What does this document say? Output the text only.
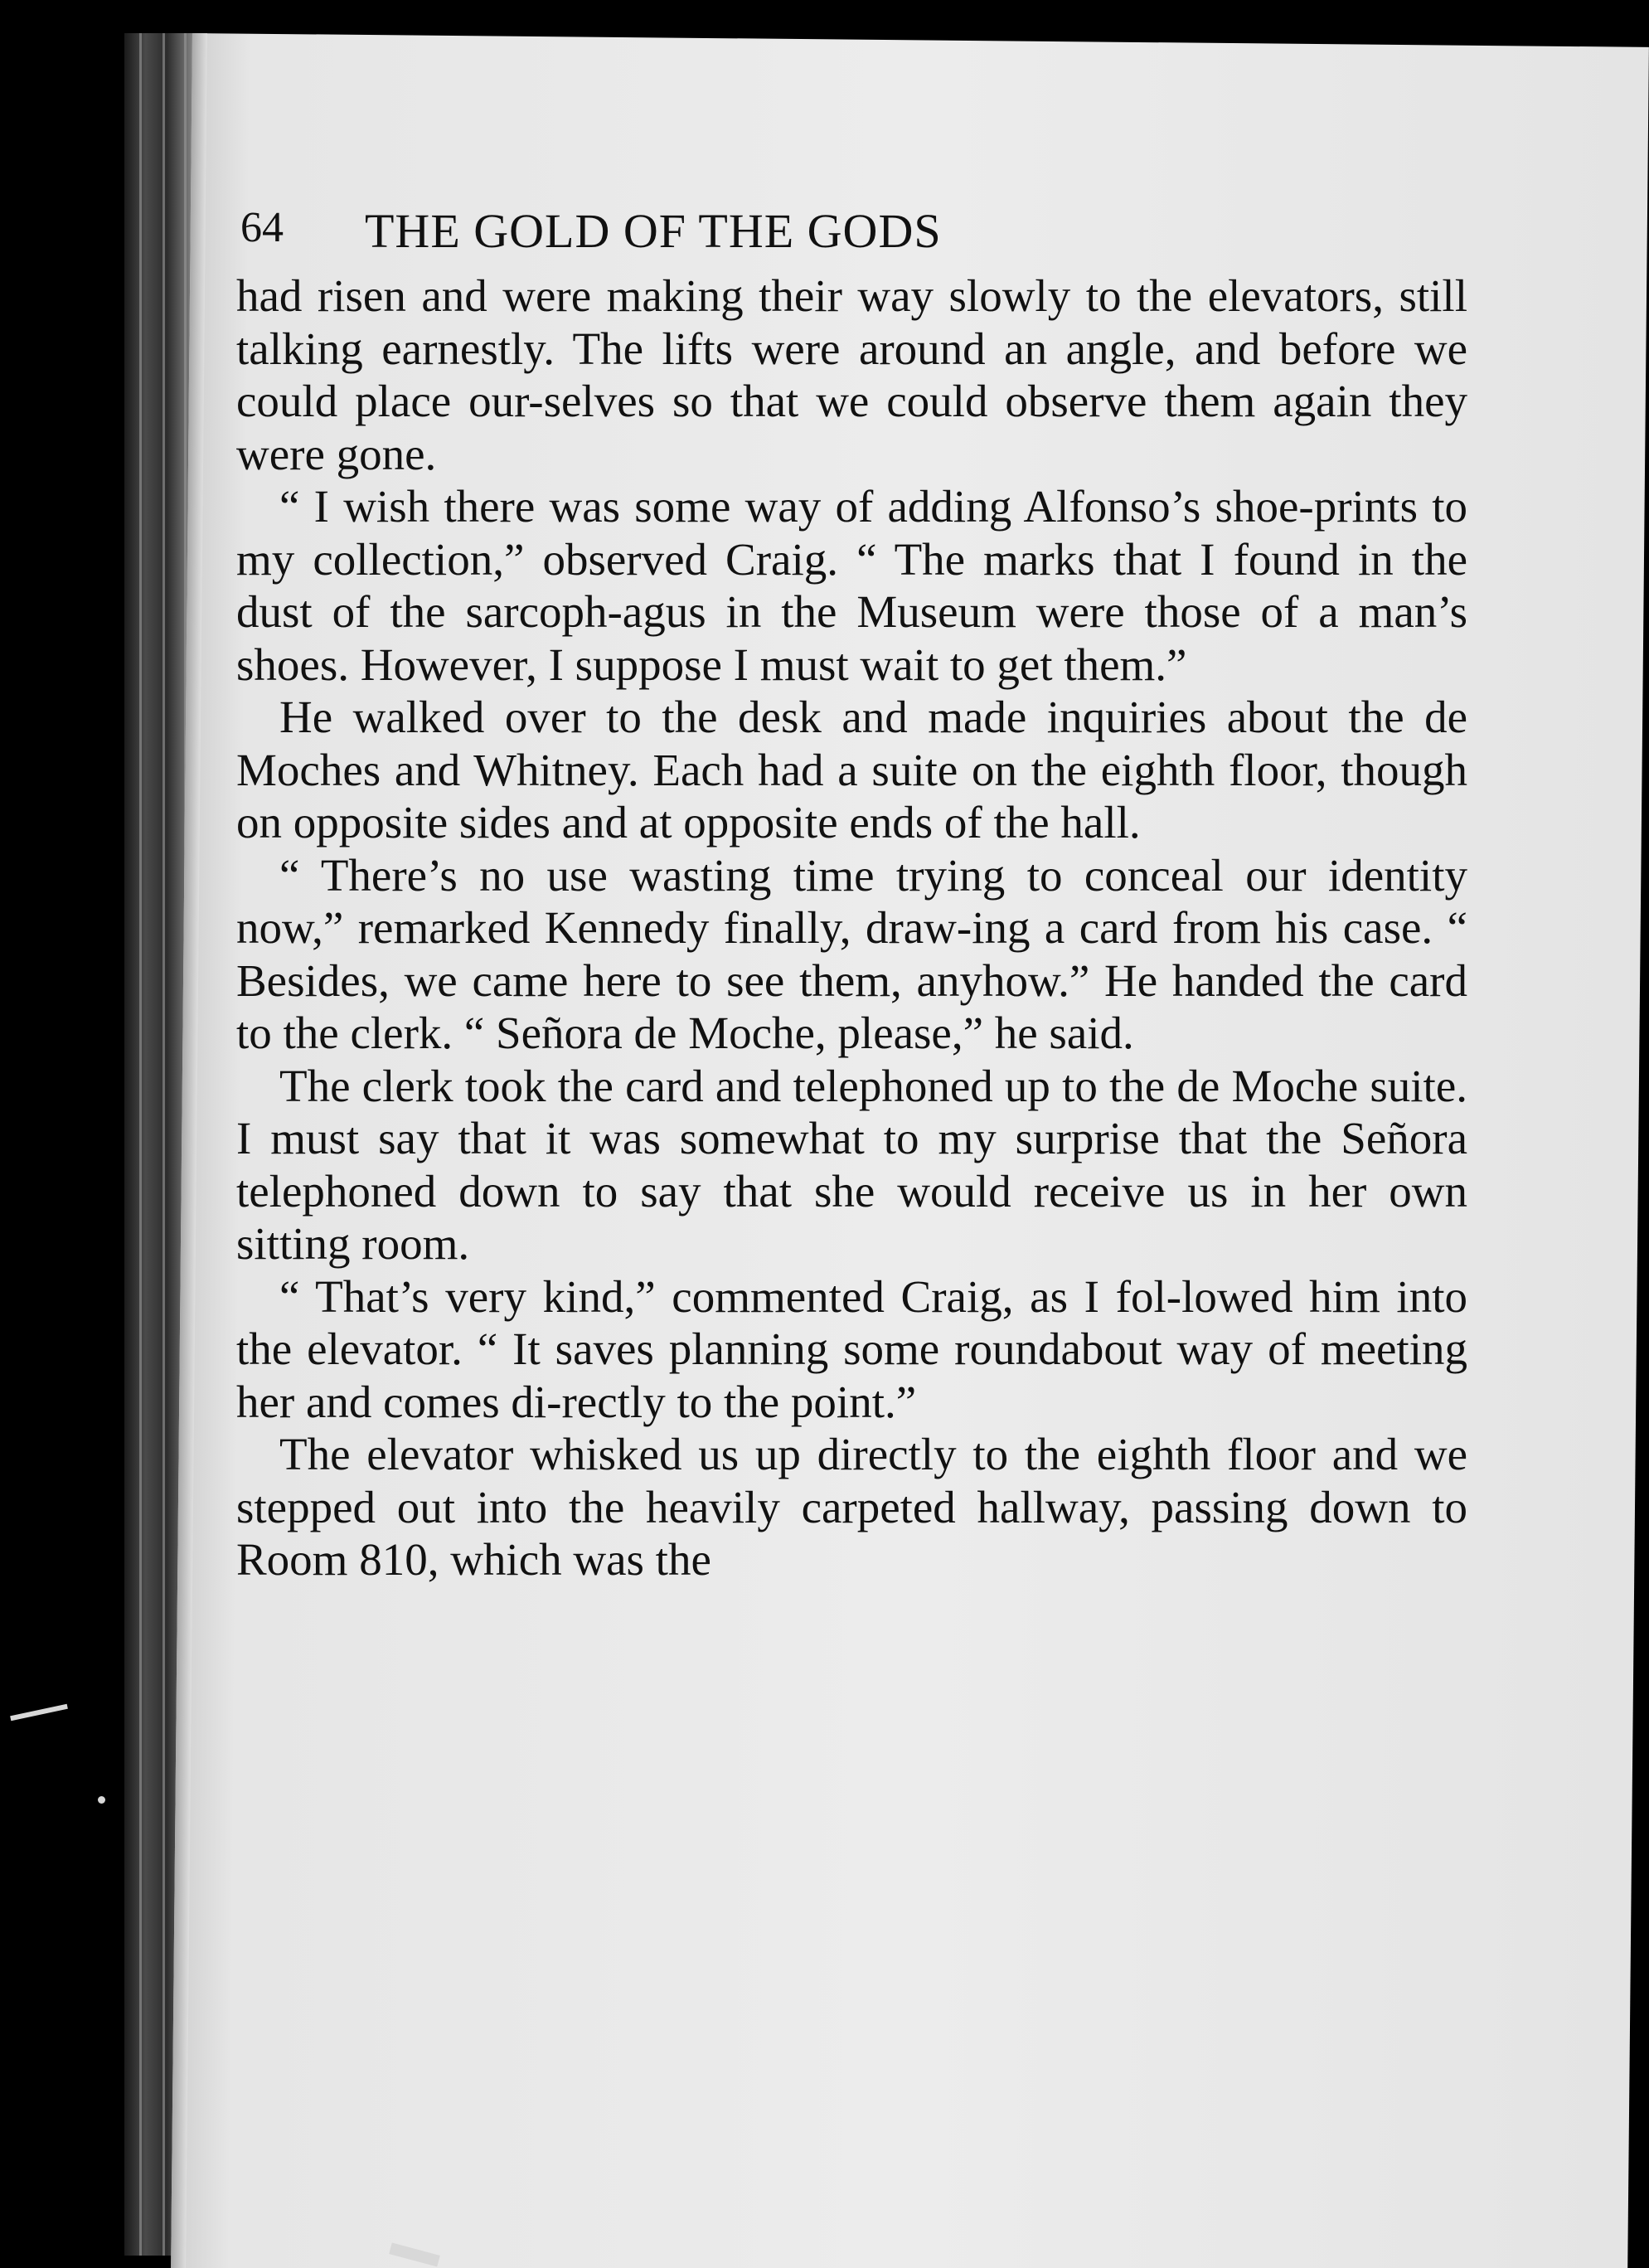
64 THE GOLD OF THE GODS

had risen and were making their way slowly to the elevators, still talking earnestly. The lifts were around an angle, and before we could place our-selves so that we could observe them again they were gone.

“ I wish there was some way of adding Alfonso’s shoe-prints to my collection,” observed Craig. “ The marks that I found in the dust of the sarcoph-agus in the Museum were those of a man’s shoes. However, I suppose I must wait to get them.”

He walked over to the desk and made inquiries about the de Moches and Whitney. Each had a suite on the eighth floor, though on opposite sides and at opposite ends of the hall.

“ There’s no use wasting time trying to conceal our identity now,” remarked Kennedy finally, draw-ing a card from his case. “ Besides, we came here to see them, anyhow.” He handed the card to the clerk. “ Señora de Moche, please,” he said.

The clerk took the card and telephoned up to the de Moche suite. I must say that it was somewhat to my surprise that the Señora telephoned down to say that she would receive us in her own sitting room.

“ That’s very kind,” commented Craig, as I fol-lowed him into the elevator. “ It saves planning some roundabout way of meeting her and comes di-rectly to the point.”

The elevator whisked us up directly to the eighth floor and we stepped out into the heavily carpeted hallway, passing down to Room 810, which was the
